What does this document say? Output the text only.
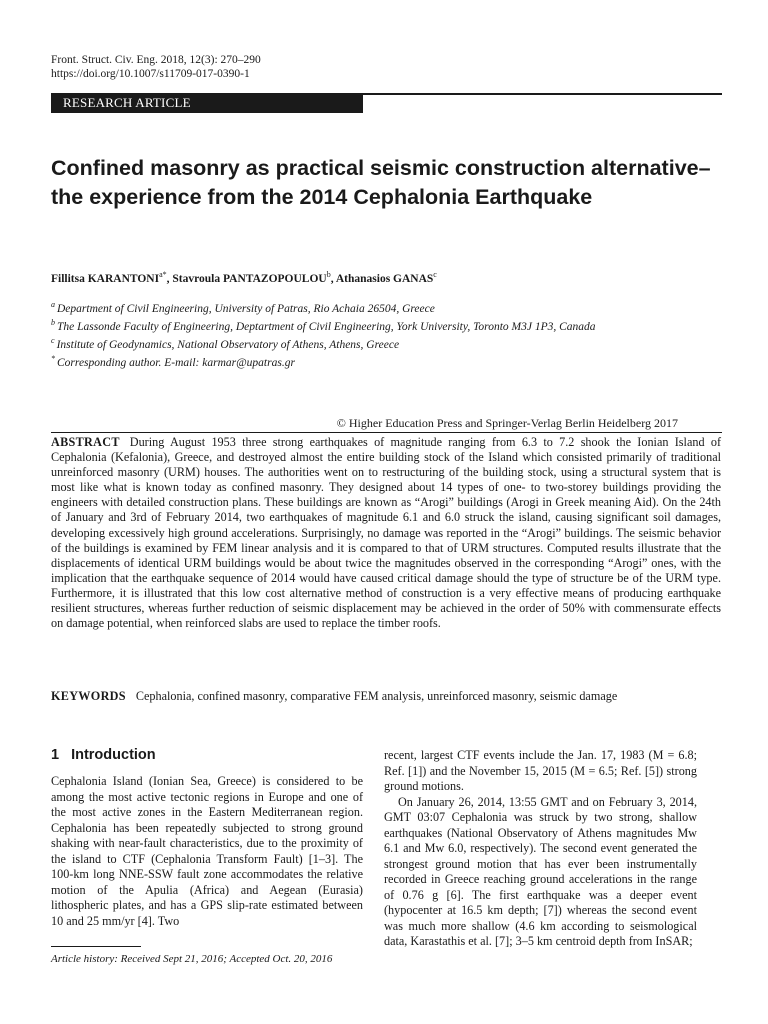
Front. Struct. Civ. Eng. 2018, 12(3): 270–290
https://doi.org/10.1007/s11709-017-0390-1
RESEARCH ARTICLE
Confined masonry as practical seismic construction alternative–the experience from the 2014 Cephalonia Earthquake
Fillitsa $KARANTONI^{a*}$, Stavroula PANTAZOPOULOU$^b$, Athanasios GANAS$^c$
$^a$ Department of Civil Engineering, University of Patras, Rio Achaia 26504, Greece
$^b$ The Lassonde Faculty of Engineering, Deptartment of Civil Engineering, York University, Toronto M3J 1P3, Canada
$^c$ Institute of Geodynamics, National Observatory of Athens, Athens, Greece
* Corresponding author. E-mail: karmar@upatras.gr
© Higher Education Press and Springer-Verlag Berlin Heidelberg 2017

ABSTRACT During August 1953 three strong earthquakes of magnitude ranging from 6.3 to 7.2 shook the Ionian Island of Cephalonia (Kefalonia), Greece, and destroyed almost the entire building stock of the Island which consisted primarily of traditional unreinforced masonry (URM) houses. The authorities went on to restructuring of the building stock, using a structural system that is most like what is known today as confined masonry. They designed about 14 types of one- to two-storey buildings providing the engineers with detailed construction plans. These buildings are known as “Arogi” buildings (Arogi in Greek meaning Aid). On the 24th of January and 3rd of February 2014, two earthquakes of magnitude 6.1 and 6.0 struck the island, causing significant soil damages, developing excessively high ground accelerations. Surprisingly, no damage was reported in the “Arogi” buildings. The seismic behavior of the buildings is examined by FEM linear analysis and it is compared to that of URM structures. Computed results illustrate that the displacements of identical URM buildings would be about twice the magnitudes observed in the corresponding “Arogi” ones, with the implication that the earthquake sequence of 2014 would have caused critical damage should the type of structure be of the URM type. Furthermore, it is illustrated that this low cost alternative method of construction is a very effective means of producing earthquake resilient structures, whereas further reduction of seismic displacement may be achieved in the order of 50% with commensurate effects on damage potential, when reinforced slabs are used to replace the timber roofs.

KEYWORDS Cephalonia, confined masonry, comparative FEM analysis, unreinforced masonry, seismic damage
1 Introduction

Cephalonia Island (Ionian Sea, Greece) is considered to be among the most active tectonic regions in Europe and one of the most active zones in the Eastern Mediterranean region. Cephalonia has been repeatedly subjected to strong ground shaking with near-fault characteristics, due to the proximity of the island to CTF (Cephalonia Transform Fault) [1–3]. The 100-km long NNE-SSW fault zone accommodates the relative motion of the Apulia (Africa) and Aegean (Eurasia) lithospheric plates, and has a GPS slip-rate estimated between 10 and 25 mm/yr [4]. Two

recent, largest CTF events include the Jan. 17, 1983 (M = 6.8; Ref. [1]) and the November 15, 2015 (M = 6.5; Ref. [5]) strong ground motions.

On January 26, 2014, 13:55 GMT and on February 3, 2014, GMT 03:07 Cephalonia was struck by two strong, shallow earthquakes (National Observatory of Athens magnitudes Mw 6.1 and Mw 6.0, respectively). The second event generated the strongest ground motion that has ever been instrumentally recorded in Greece reaching ground accelerations in the range of 0.76 g [6]. The first earthquake was a deeper event (hypocenter at 16.5 km depth; [7]) whereas the second event was much more shallow (4.6 km according to seismological data, Karastathis et al. [7]; 3–5 km centroid depth from InSAR;

Article history: Received Sept 21, 2016; Accepted Oct. 20, 2016
